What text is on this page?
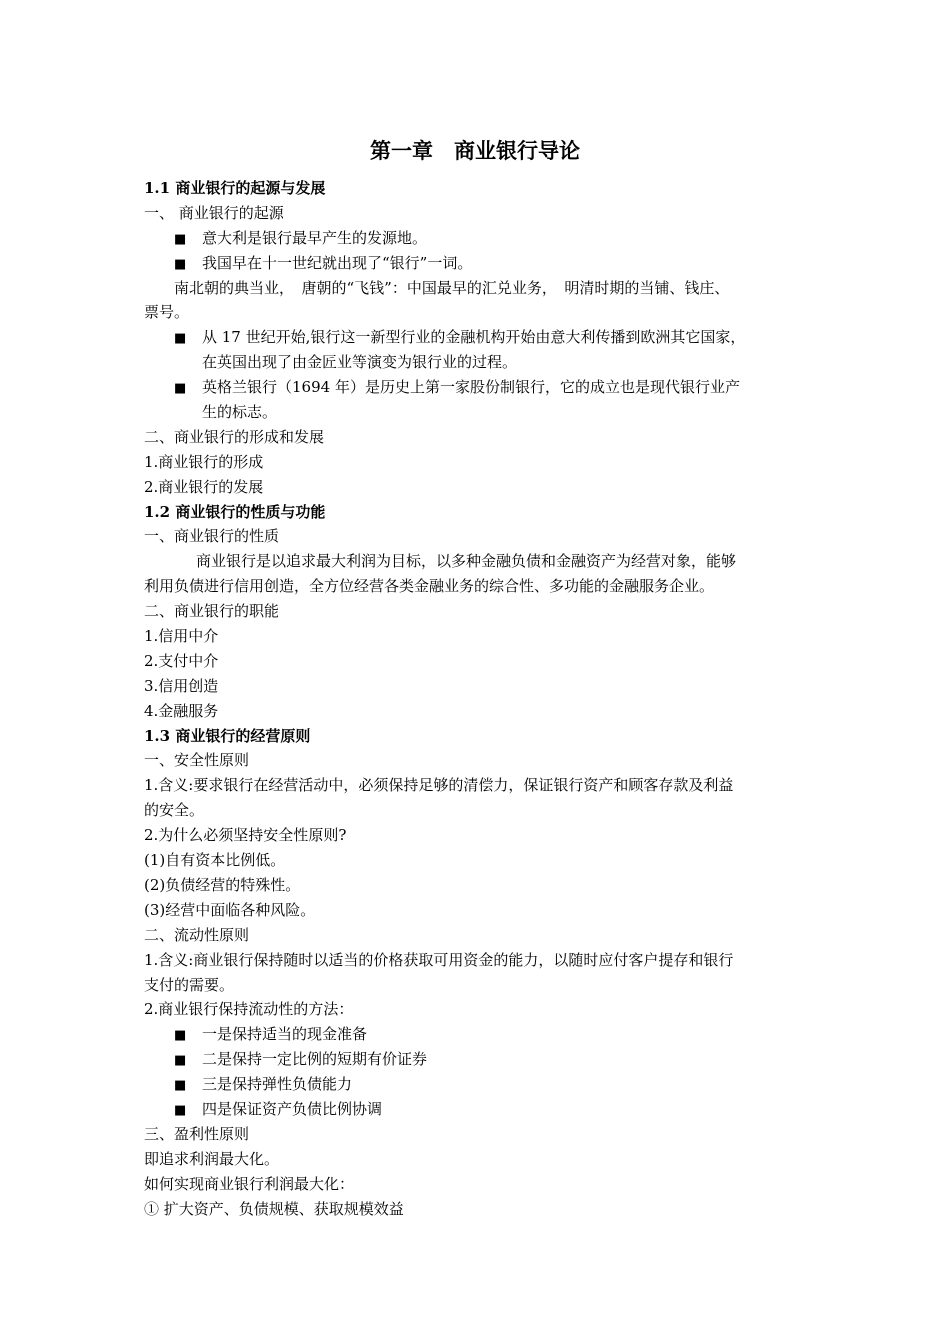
第一章　商业银行导论
1.1 商业银行的起源与发展
一、 商业银行的起源
■ 意大利是银行最早产生的发源地。
■ 我国早在十一世纪就出现了“银行”一词。
南北朝的典当业，　唐朝的“飞钱”：中国最早的汇兑业务，　明清时期的当铺、钱庄、
票号。
■ 从 17 世纪开始,银行这一新型行业的金融机构开始由意大利传播到欧洲其它国家，
在英国出现了由金匠业等演变为银行业的过程。
■ 英格兰银行（1694 年）是历史上第一家股份制银行，它的成立也是现代银行业产
生的标志。
二、商业银行的形成和发展
1.商业银行的形成
2.商业银行的发展
1.2 商业银行的性质与功能
一、商业银行的性质
商业银行是以追求最大利润为目标，以多种金融负债和金融资产为经营对象，能够
利用负债进行信用创造，全方位经营各类金融业务的综合性、多功能的金融服务企业。
二、商业银行的职能
1.信用中介
2.支付中介
3.信用创造
4.金融服务
1.3 商业银行的经营原则
一、安全性原则
1.含义:要求银行在经营活动中，必须保持足够的清偿力，保证银行资产和顾客存款及利益
的安全。
2.为什么必须坚持安全性原则?
(1)自有资本比例低。
(2)负债经营的特殊性。
(3)经营中面临各种风险。
二、流动性原则
1.含义:商业银行保持随时以适当的价格获取可用资金的能力，以随时应付客户提存和银行
支付的需要。
2.商业银行保持流动性的方法：
■ 一是保持适当的现金准备
■ 二是保持一定比例的短期有价证券
■ 三是保持弹性负债能力
■ 四是保证资产负债比例协调
三、盈利性原则
即追求利润最大化。
如何实现商业银行利润最大化：
① 扩大资产、负债规模、获取规模效益
